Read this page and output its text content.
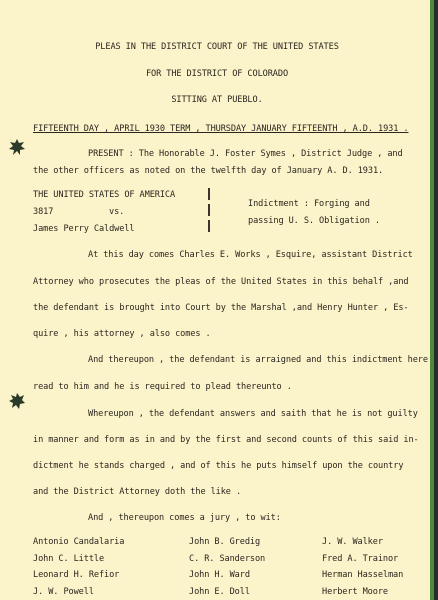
PLEAS IN THE DISTRICT COURT OF THE UNITED STATES
FOR THE DISTRICT OF COLORADO
SITTING AT PUEBLO.
FIFTEENTH DAY , APRIL 1930 TERM , THURSDAY JANUARY FIFTEENTH , A.D. 1931 .
PRESENT : The Honorable J. Foster Symes , District Judge , and
the other officers as noted on the twelfth day of January A. D. 1931.
THE UNITED STATES OF AMERICA
3817	vs.
James Perry Caldwell
Indictment : Forging and
passing U. S. Obligation .
At this day comes Charles E. Works , Esquire, assistant District
Attorney who prosecutes the pleas of the United States in this behalf ,and
the defendant is brought into Court by the Marshal ,and Henry Hunter , Es-
quire , his attorney , also comes .
And thereupon , the defendant is arraigned and this indictment here
read to him and he is required to plead thereunto .
Whereupon , the defendant answers and saith that he is not guilty
in manner and form as in and by the first and second counts of this said in-
dictment he stands charged , and of this he puts himself upon the country
and the District Attorney doth the like .
And , thereupon comes a jury , to wit:
Antonio Candalaria
John C. Little
Leonard H. Refior
J. W. Powell
John B. Gredig
C. R. Sanderson
John H. Ward
John E. Doll
J. W. Walker
Fred A. Trainor
Herman Hasselman
Herbert Moore
